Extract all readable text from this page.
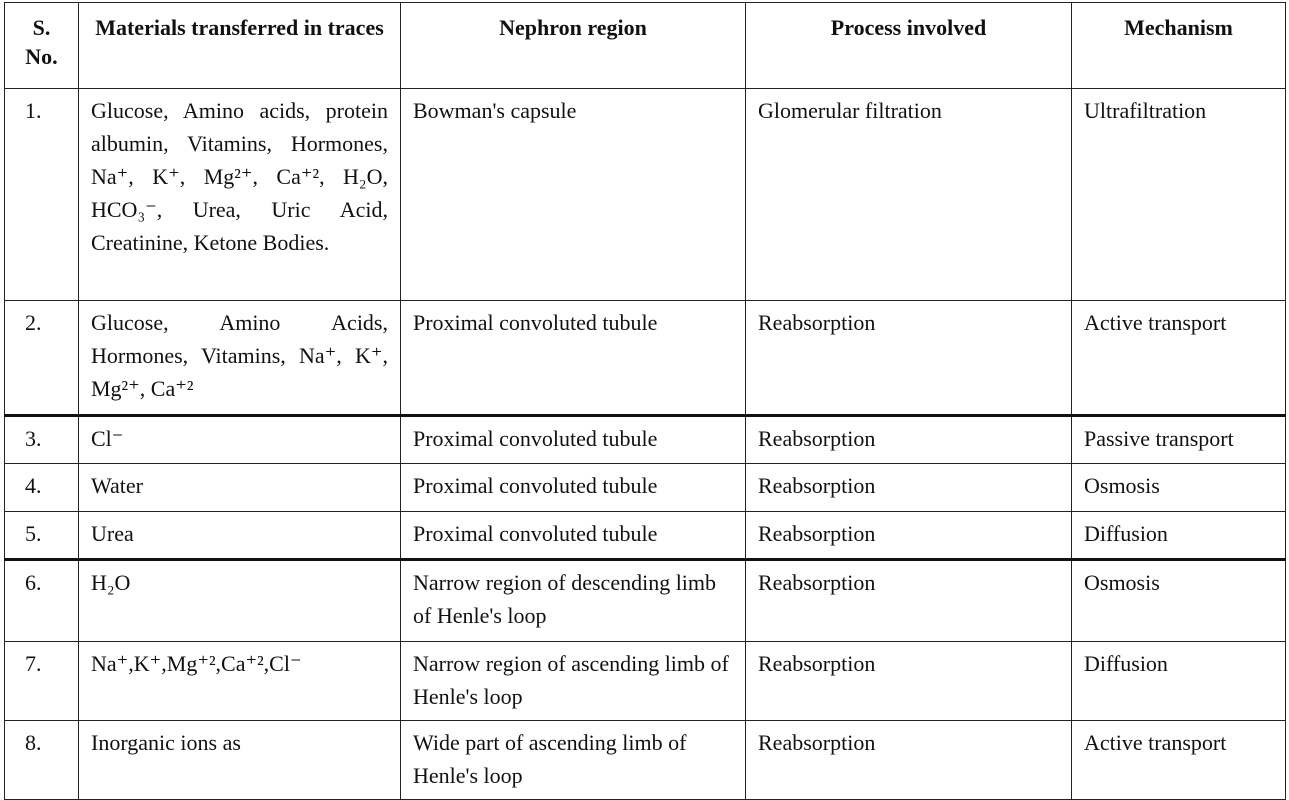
S. No.	Materials transferred in traces	Nephron region	Process involved	Mechanism
1.	Glucose, Amino acids, protein albumin, Vitamins, Hormones, Na⁺, K⁺, Mg²⁺, Ca⁺², H₂O, HCO₃⁻, Urea, Uric Acid, Creatinine, Ketone Bodies.	Bowman's capsule	Glomerular filtration	Ultrafiltration
2.	Glucose, Amino Acids, Hormones, Vitamins, Na⁺, K⁺, Mg²⁺, Ca⁺²	Proximal convoluted tubule	Reabsorption	Active transport
3.	Cl⁻	Proximal convoluted tubule	Reabsorption	Passive transport
4.	Water	Proximal convoluted tubule	Reabsorption	Osmosis
5.	Urea	Proximal convoluted tubule	Reabsorption	Diffusion
6.	H₂O	Narrow region of descending limb of Henle's loop	Reabsorption	Osmosis
7.	Na⁺,K⁺,Mg⁺²,Ca⁺²,Cl⁻	Narrow region of ascending limb of Henle's loop	Reabsorption	Diffusion
8.	Inorganic ions as	Wide part of ascending limb of Henle's loop	Reabsorption	Active transport
